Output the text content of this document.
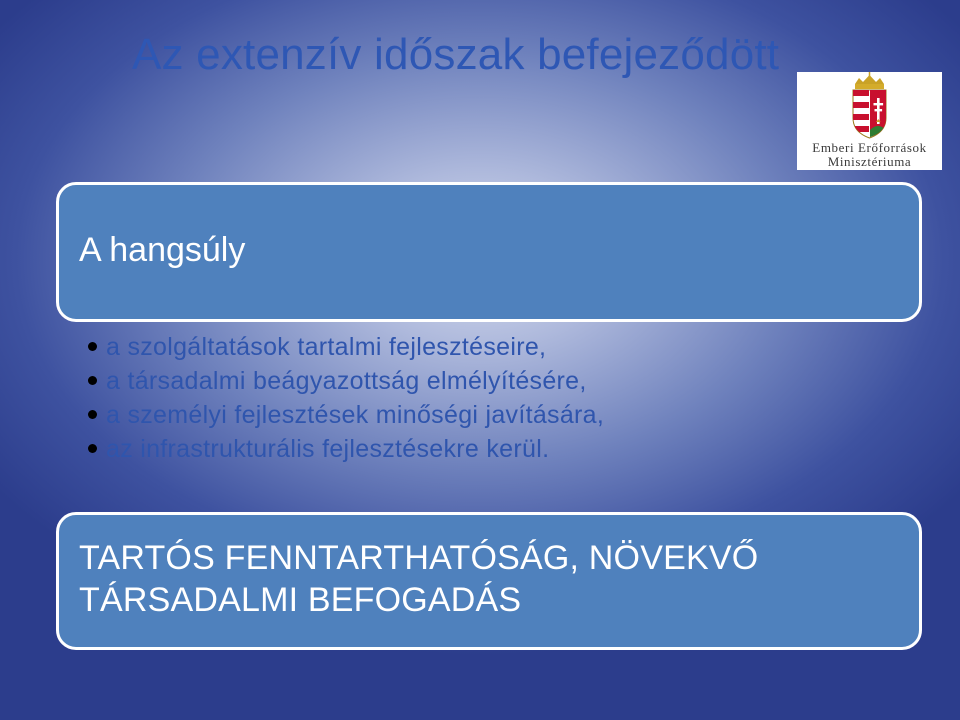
Az extenzív időszak befejeződött
Emberi Erőforrások
Minisztériuma
A hangsúly
a szolgáltatások tartalmi fejlesztéseire,
a társadalmi beágyazottság elmélyítésére,
a személyi fejlesztések minőségi javítására,
az infrastrukturális fejlesztésekre kerül.
TARTÓS FENNTARTHATÓSÁG, NÖVEKVŐ TÁRSADALMI BEFOGADÁS
